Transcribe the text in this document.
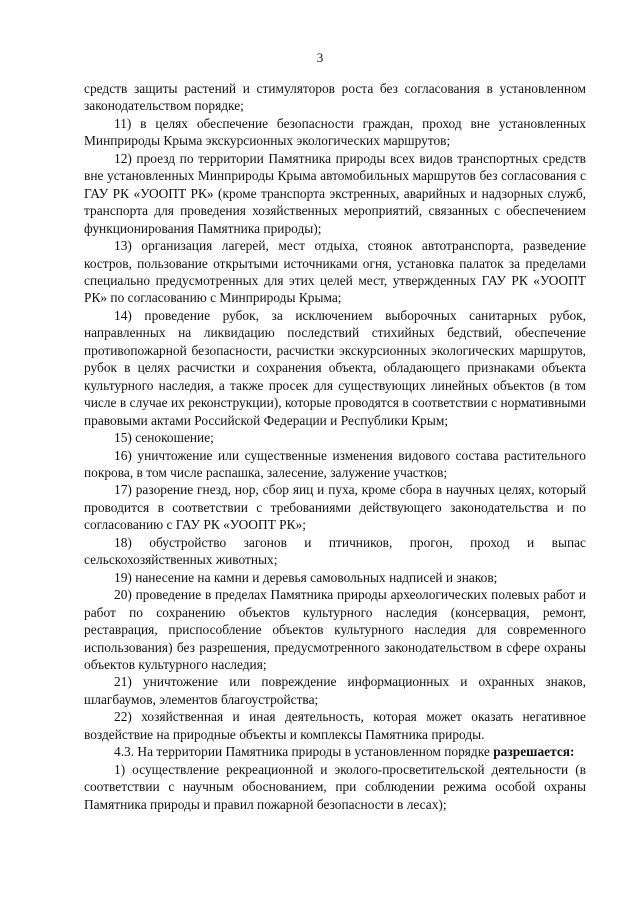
3

средств защиты растений и стимуляторов роста без согласования в установленном законодательством порядке;

11) в целях обеспечение безопасности граждан, проход вне установленных Минприроды Крыма экскурсионных экологических маршрутов;

12) проезд по территории Памятника природы всех видов транспортных средств вне установленных Минприроды Крыма автомобильных маршрутов без согласования с ГАУ РК «УООПТ РК» (кроме транспорта экстренных, аварийных и надзорных служб, транспорта для проведения хозяйственных мероприятий, связанных с обеспечением функционирования Памятника природы);

13) организация лагерей, мест отдыха, стоянок автотранспорта, разведение костров, пользование открытыми источниками огня, установка палаток за пределами специально предусмотренных для этих целей мест, утвержденных ГАУ РК «УООПТ РК» по согласованию с Минприроды Крыма;

14) проведение рубок, за исключением выборочных санитарных рубок, направленных на ликвидацию последствий стихийных бедствий, обеспечение противопожарной безопасности, расчистки экскурсионных экологических маршрутов, рубок в целях расчистки и сохранения объекта, обладающего признаками объекта культурного наследия, а также просек для существующих линейных объектов (в том числе в случае их реконструкции), которые проводятся в соответствии с нормативными правовыми актами Российской Федерации и Республики Крым;

15) сенокошение;

16) уничтожение или существенные изменения видового состава растительного покрова, в том числе распашка, залесение, залужение участков;

17) разорение гнезд, нор, сбор яиц и пуха, кроме сбора в научных целях, который проводится в соответствии с требованиями действующего законодательства и по согласованию с ГАУ РК «УООПТ РК»;

18) обустройство загонов и птичников, прогон, проход и выпас сельскохозяйственных животных;

19) нанесение на камни и деревья самовольных надписей и знаков;

20) проведение в пределах Памятника природы археологических полевых работ и работ по сохранению объектов культурного наследия (консервация, ремонт, реставрация, приспособление объектов культурного наследия для современного использования) без разрешения, предусмотренного законодательством в сфере охраны объектов культурного наследия;

21) уничтожение или повреждение информационных и охранных знаков, шлагбаумов, элементов благоустройства;

22) хозяйственная и иная деятельность, которая может оказать негативное воздействие на природные объекты и комплексы Памятника природы.

4.3. На территории Памятника природы в установленном порядке разрешается:

1) осуществление рекреационной и эколого-просветительской деятельности (в соответствии с научным обоснованием, при соблюдении режима особой охраны Памятника природы и правил пожарной безопасности в лесах);
